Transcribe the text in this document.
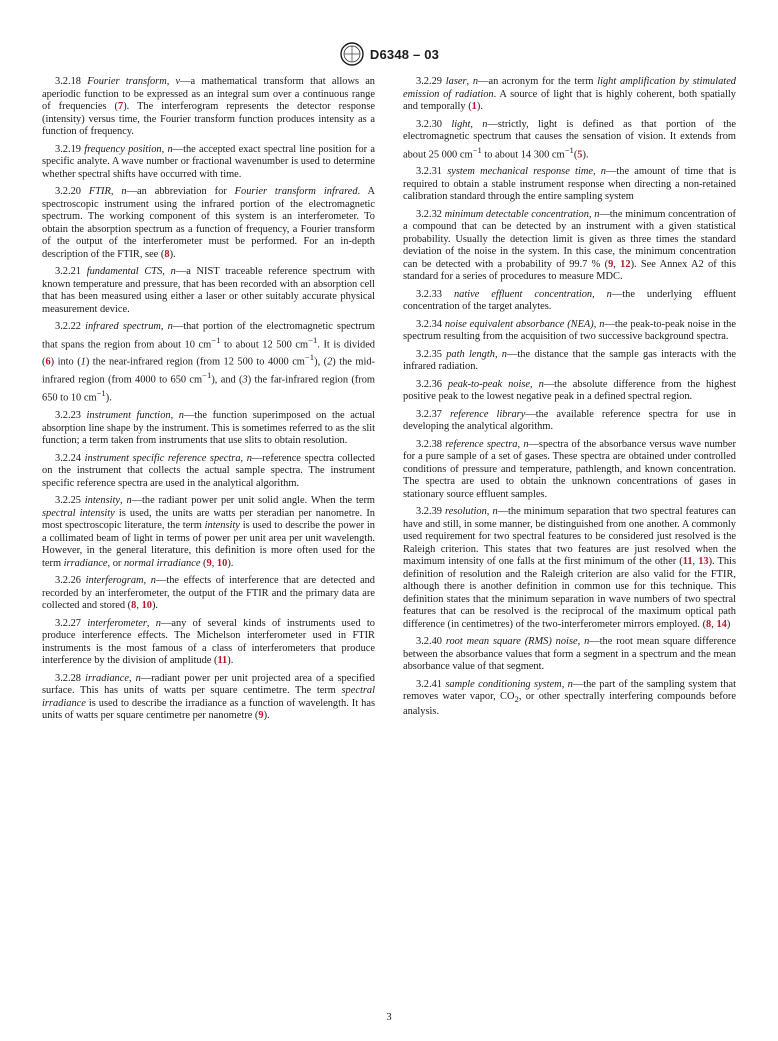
D6348 – 03

3.2.18 Fourier transform, v—a mathematical transform that allows an aperiodic function to be expressed as an integral sum over a continuous range of frequencies (7). The interferogram represents the detector response (intensity) versus time, the Fourier transform function produces intensity as a function of frequency.

3.2.19 frequency position, n—the accepted exact spectral line position for a specific analyte. A wave number or fractional wavenumber is used to determine whether spectral shifts have occurred with time.

3.2.20 FTIR, n—an abbreviation for Fourier transform infrared. A spectroscopic instrument using the infrared portion of the electromagnetic spectrum. The working component of this system is an interferometer. To obtain the absorption spectrum as a function of frequency, a Fourier transform of the output of the interferometer must be performed. For an in-depth description of the FTIR, see (8).

3.2.21 fundamental CTS, n—a NIST traceable reference spectrum with known temperature and pressure, that has been recorded with an absorption cell that has been measured using either a laser or other suitably accurate physical measurement device.

3.2.22 infrared spectrum, n—that portion of the electromagnetic spectrum that spans the region from about 10 $cm^{-1}$ to about 12 500 $cm^{-1}$. It is divided (6) into (1) the near-infrared region (from 12 500 to 4000 $cm^{-1}$), (2) the mid-infrared region (from 4000 to 650 $cm^{-1}$), and (3) the far-infrared region (from 650 to 10 $cm^{-1}$).

3.2.23 instrument function, n—the function superimposed on the actual absorption line shape by the instrument. This is sometimes referred to as the slit function; a term taken from instruments that use slits to obtain resolution.

3.2.24 instrument specific reference spectra, n—reference spectra collected on the instrument that collects the actual sample spectra. The instrument specific reference spectra are used in the analytical algorithm.

3.2.25 intensity, n—the radiant power per unit solid angle. When the term spectral intensity is used, the units are watts per steradian per nanometre. In most spectroscopic literature, the term intensity is used to describe the power in a collimated beam of light in terms of power per unit area per unit wavelength. However, in the general literature, this definition is more often used for the term irradiance, or normal irradiance (9, 10).

3.2.26 interferogram, n—the effects of interference that are detected and recorded by an interferometer, the output of the FTIR and the primary data are collected and stored (8, 10).

3.2.27 interferometer, n—any of several kinds of instruments used to produce interference effects. The Michelson interferometer used in FTIR instruments is the most famous of a class of interferometers that produce interference by the division of amplitude (11).

3.2.28 irradiance, n—radiant power per unit projected area of a specified surface. This has units of watts per square centimetre. The term spectral irradiance is used to describe the irradiance as a function of wavelength. It has units of watts per square centimetre per nanometre (9).

3.2.29 laser, n—an acronym for the term light amplification by stimulated emission of radiation. A source of light that is highly coherent, both spatially and temporally (1).

3.2.30 light, n—strictly, light is defined as that portion of the electromagnetic spectrum that causes the sensation of vision. It extends from about 25 000 $cm^{-1}$ to about 14 300 $cm^{-1}(5)$.

3.2.31 system mechanical response time, n—the amount of time that is required to obtain a stable instrument response when directing a non-retained calibration standard through the entire sampling system

3.2.32 minimum detectable concentration, n—the minimum concentration of a compound that can be detected by an instrument with a given statistical probability. Usually the detection limit is given as three times the standard deviation of the noise in the system. In this case, the minimum concentration can be detected with a probability of 99.7 % (9, 12). See Annex A2 of this standard for a series of procedures to measure MDC.

3.2.33 native effluent concentration, n—the underlying effluent concentration of the target analytes.

3.2.34 noise equivalent absorbance (NEA), n—the peak-to-peak noise in the spectrum resulting from the acquisition of two successive background spectra.

3.2.35 path length, n—the distance that the sample gas interacts with the infrared radiation.

3.2.36 peak-to-peak noise, n—the absolute difference from the highest positive peak to the lowest negative peak in a defined spectral region.

3.2.37 reference library—the available reference spectra for use in developing the analytical algorithm.

3.2.38 reference spectra, n—spectra of the absorbance versus wave number for a pure sample of a set of gases. These spectra are obtained under controlled conditions of pressure and temperature, pathlength, and known concentration. The spectra are used to obtain the unknown concentrations of gases in stationary source effluent samples.

3.2.39 resolution, n—the minimum separation that two spectral features can have and still, in some manner, be distinguished from one another. A commonly used requirement for two spectral features to be considered just resolved is the Raleigh criterion. This states that two features are just resolved when the maximum intensity of one falls at the first minimum of the other (11, 13). This definition of resolution and the Raleigh criterion are also valid for the FTIR, although there is another definition in common use for this technique. This definition states that the minimum separation in wave numbers of two spectral features that can be resolved is the reciprocal of the maximum optical path difference (in centimetres) of the two-interferometer mirrors employed. (8, 14)

3.2.40 root mean square (RMS) noise, n—the root mean square difference between the absorbance values that form a segment in a spectrum and the mean absorbance value of that segment.

3.2.41 sample conditioning system, n—the part of the sampling system that removes water vapor, $CO_2$, or other spectrally interfering compounds before analysis.

3
